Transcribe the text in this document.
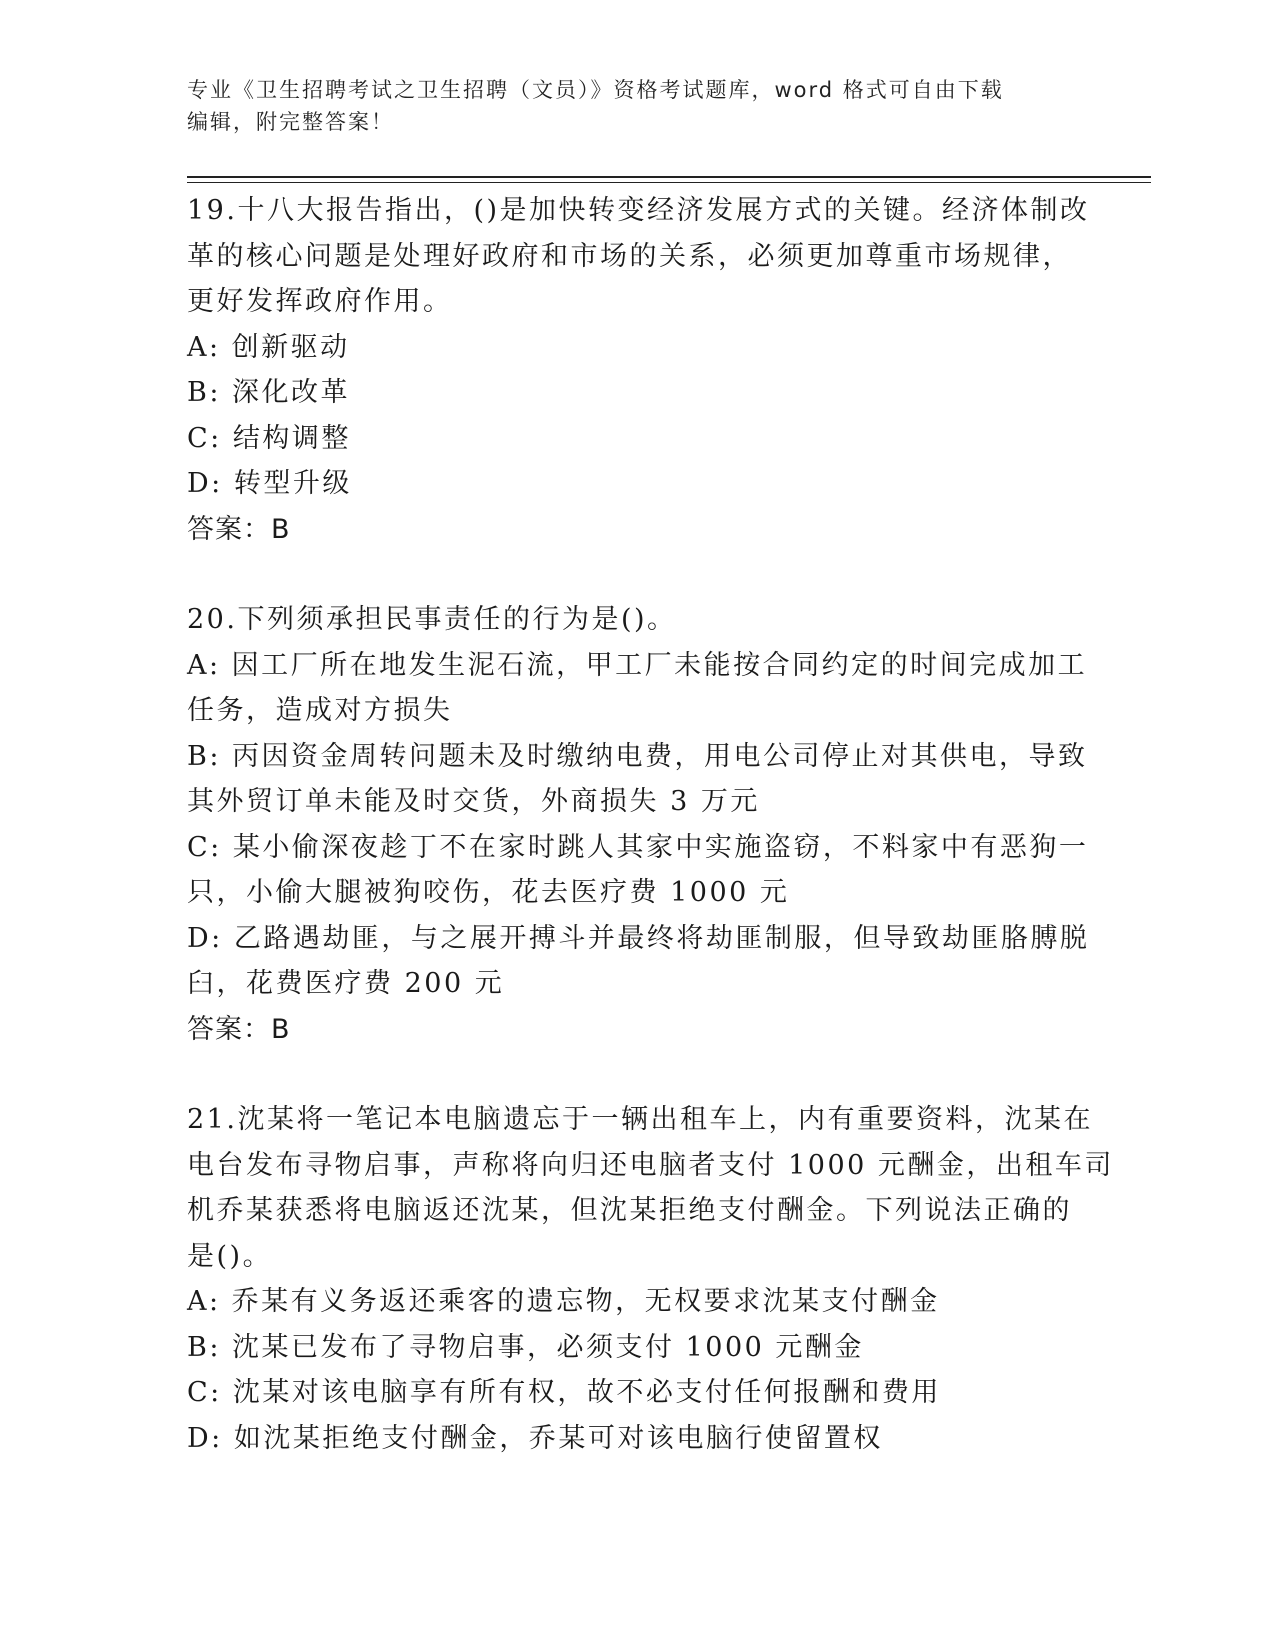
专业《卫生招聘考试之卫生招聘（文员）》资格考试题库，word 格式可自由下载
编辑，附完整答案！
19.十八大报告指出，()是加快转变经济发展方式的关键。经济体制改
革的核心问题是处理好政府和市场的关系，必须更加尊重市场规律，
更好发挥政府作用。
A: 创新驱动
B: 深化改革
C: 结构调整
D: 转型升级
答案：B
20.下列须承担民事责任的行为是()。
A: 因工厂所在地发生泥石流，甲工厂未能按合同约定的时间完成加工
任务，造成对方损失
B: 丙因资金周转问题未及时缴纳电费，用电公司停止对其供电，导致
其外贸订单未能及时交货，外商损失 3 万元
C: 某小偷深夜趁丁不在家时跳人其家中实施盗窃，不料家中有恶狗一
只，小偷大腿被狗咬伤，花去医疗费 1000 元
D: 乙路遇劫匪，与之展开搏斗并最终将劫匪制服，但导致劫匪胳膊脱
臼，花费医疗费 200 元
答案：B
21.沈某将一笔记本电脑遗忘于一辆出租车上，内有重要资料，沈某在
电台发布寻物启事，声称将向归还电脑者支付 1000 元酬金，出租车司
机乔某获悉将电脑返还沈某，但沈某拒绝支付酬金。下列说法正确的
是()。
A: 乔某有义务返还乘客的遗忘物，无权要求沈某支付酬金
B: 沈某已发布了寻物启事，必须支付 1000 元酬金
C: 沈某对该电脑享有所有权，故不必支付任何报酬和费用
D: 如沈某拒绝支付酬金，乔某可对该电脑行使留置权
